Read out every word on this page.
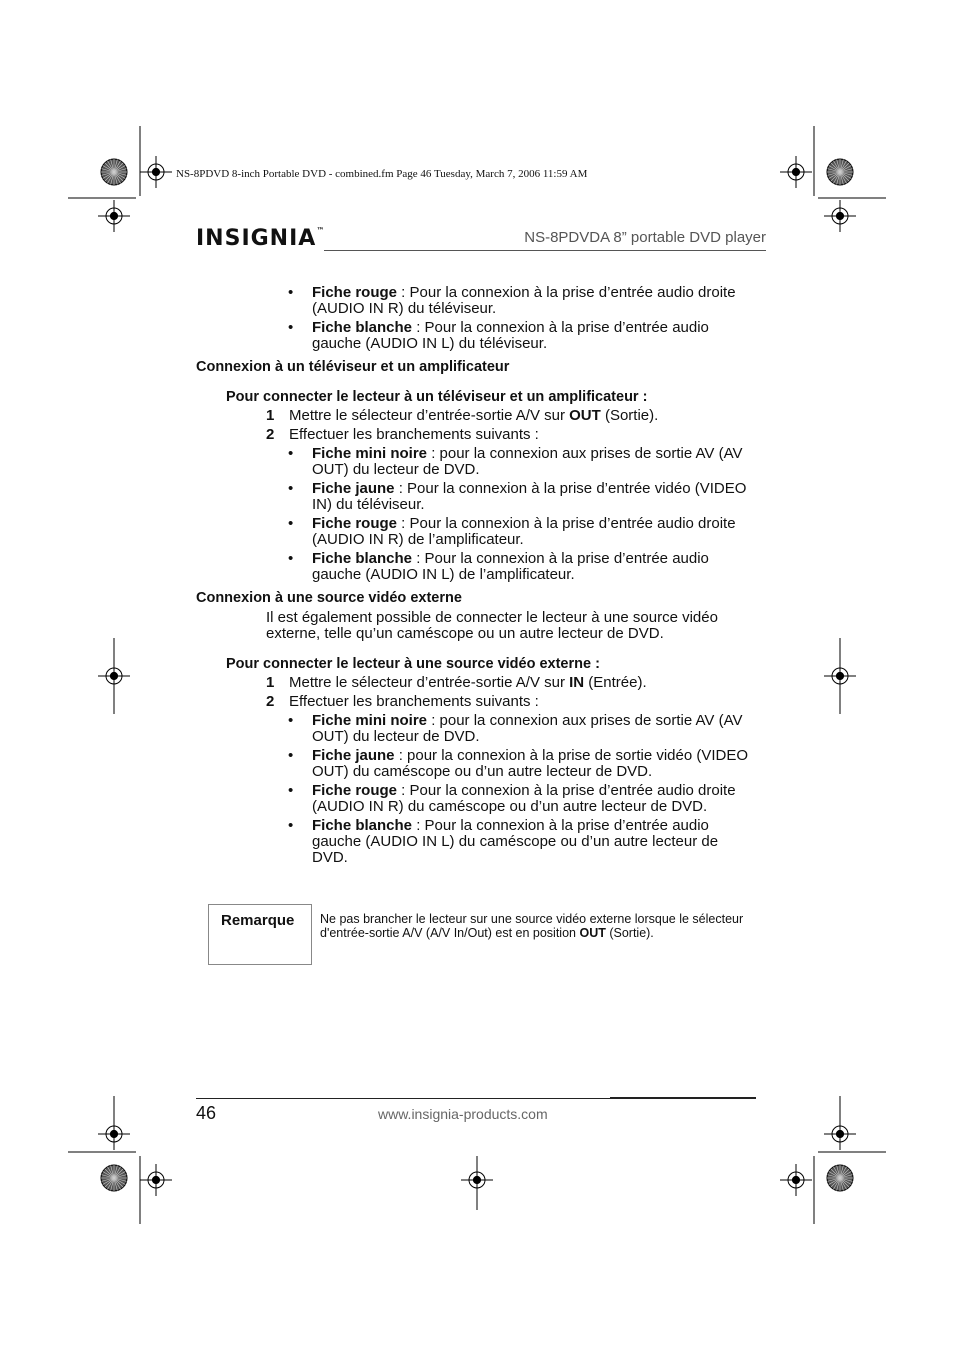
NS-8PDVD 8-inch Portable DVD - combined.fm Page 46 Tuesday, March 7, 2006 11:59 AM
INSIGNIA™	NS-8PDVDA 8” portable DVD player
• Fiche rouge : Pour la connexion à la prise d’entrée audio droite (AUDIO IN R) du téléviseur.
• Fiche blanche : Pour la connexion à la prise d’entrée audio gauche (AUDIO IN L) du téléviseur.
Connexion à un téléviseur et un amplificateur
Pour connecter le lecteur à un téléviseur et un amplificateur :
1 Mettre le sélecteur d’entrée-sortie A/V sur OUT (Sortie).
2 Effectuer les branchements suivants :
• Fiche mini noire : pour la connexion aux prises de sortie AV (AV OUT) du lecteur de DVD.
• Fiche jaune : Pour la connexion à la prise d’entrée vidéo (VIDEO IN) du téléviseur.
• Fiche rouge : Pour la connexion à la prise d’entrée audio droite (AUDIO IN R) de l’amplificateur.
• Fiche blanche : Pour la connexion à la prise d’entrée audio gauche (AUDIO IN L) de l’amplificateur.
Connexion à une source vidéo externe
Il est également possible de connecter le lecteur à une source vidéo externe, telle qu’un caméscope ou un autre lecteur de DVD.
Pour connecter le lecteur à une source vidéo externe :
1 Mettre le sélecteur d’entrée-sortie A/V sur IN (Entrée).
2 Effectuer les branchements suivants :
• Fiche mini noire : pour la connexion aux prises de sortie AV (AV OUT) du lecteur de DVD.
• Fiche jaune : pour la connexion à la prise de sortie vidéo (VIDEO OUT) du caméscope ou d’un autre lecteur de DVD.
• Fiche rouge : Pour la connexion à la prise d’entrée audio droite (AUDIO IN R) du caméscope ou d’un autre lecteur de DVD.
• Fiche blanche : Pour la connexion à la prise d’entrée audio gauche (AUDIO IN L) du caméscope ou d’un autre lecteur de DVD.
Remarque Ne pas brancher le lecteur sur une source vidéo externe lorsque le sélecteur d'entrée-sortie A/V (A/V In/Out) est en position OUT (Sortie).
46	www.insignia-products.com
